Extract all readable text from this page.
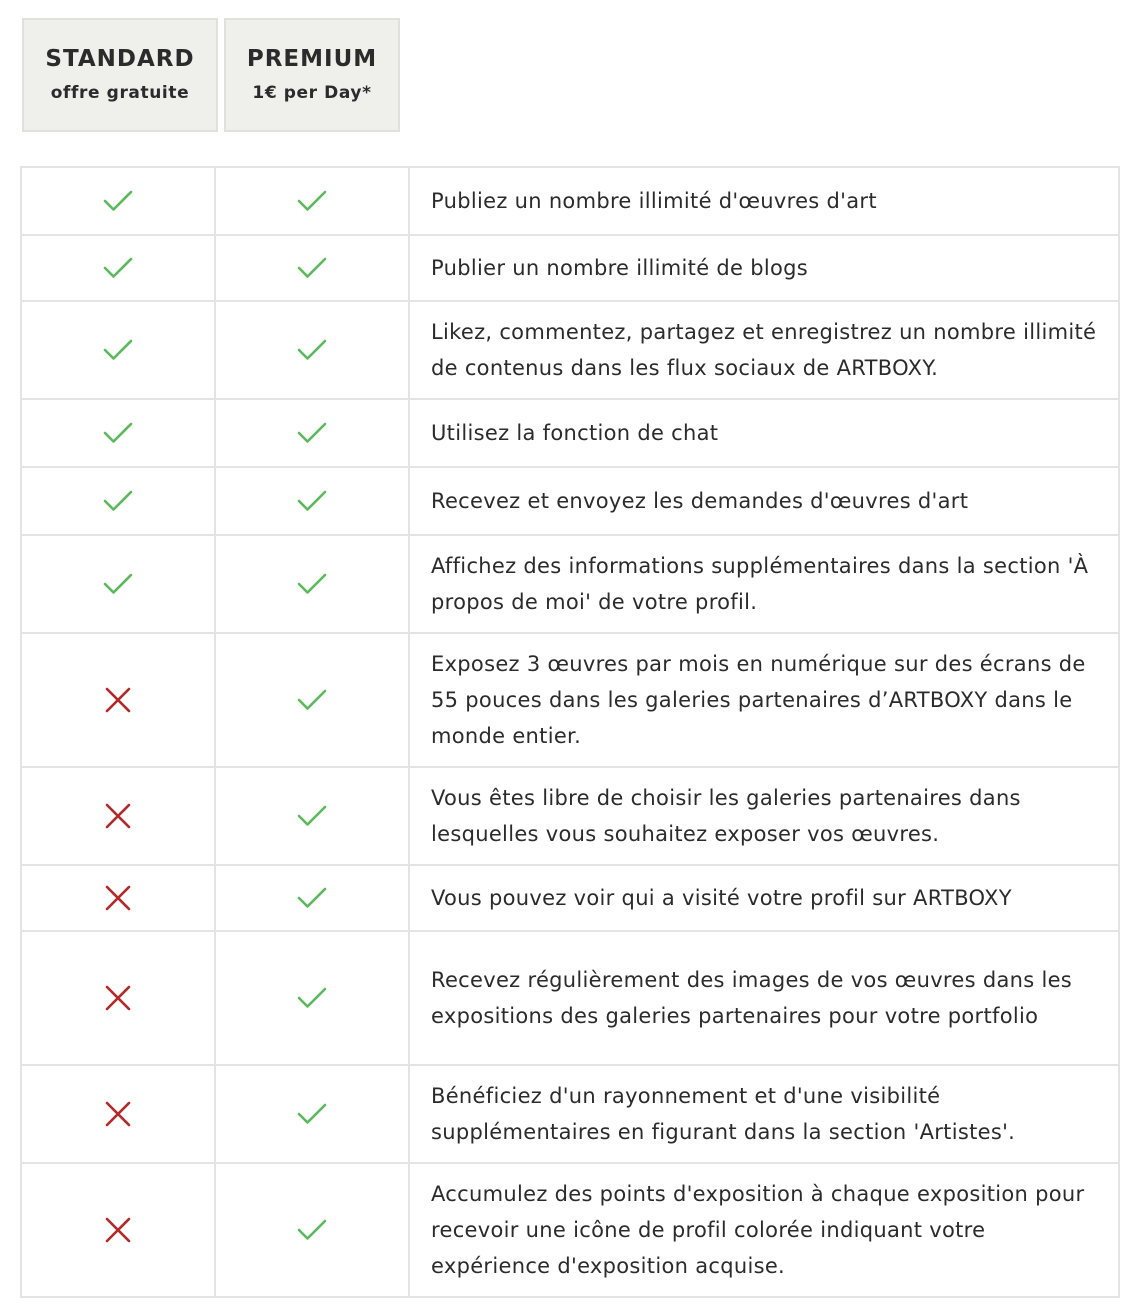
STANDARD
offre gratuite
PREMIUM
1€ per Day*
		Publiez un nombre illimité d'œuvres d'art
		Publier un nombre illimité de blogs
		Likez, commentez, partagez et enregistrez un nombre illimité de contenus dans les flux sociaux de ARTBOXY.
		Utilisez la fonction de chat
		Recevez et envoyez les demandes d'œuvres d'art
		Affichez des informations supplémentaires dans la section 'À propos de moi' de votre profil.
		Exposez 3 œuvres par mois en numérique sur des écrans de 55 pouces dans les galeries partenaires d’ARTBOXY dans le monde entier.
		Vous êtes libre de choisir les galeries partenaires dans lesquelles vous souhaitez exposer vos œuvres.
		Vous pouvez voir qui a visité votre profil sur ARTBOXY
		Recevez régulièrement des images de vos œuvres dans les expositions des galeries partenaires pour votre portfolio
		Bénéficiez d'un rayonnement et d'une visibilité supplémentaires en figurant dans la section 'Artistes'.
		Accumulez des points d'exposition à chaque exposition pour recevoir une icône de profil colorée indiquant votre expérience d'exposition acquise.
